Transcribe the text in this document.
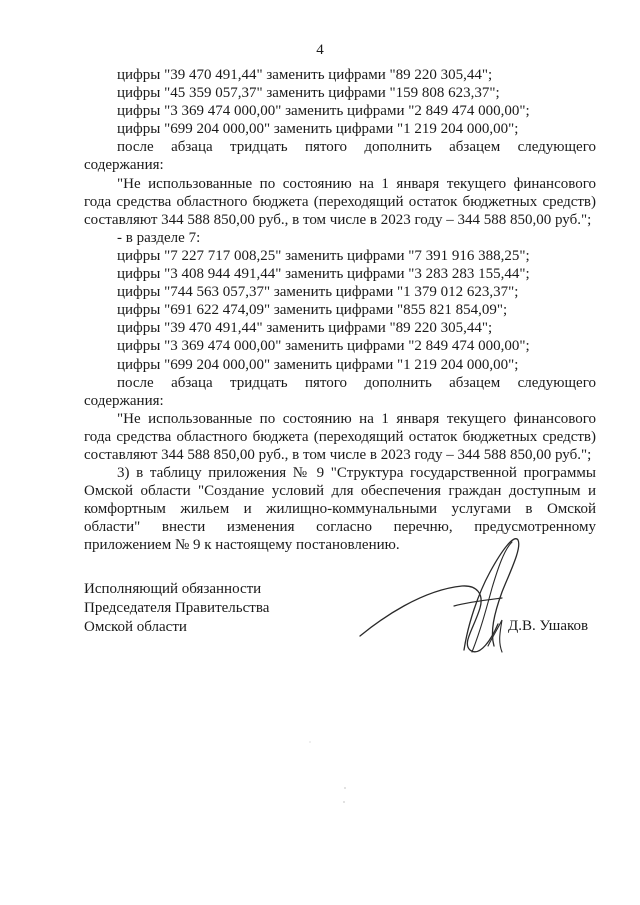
4
цифры "39 470 491,44" заменить цифрами "89 220 305,44";
цифры "45 359 057,37" заменить цифрами "159 808 623,37";
цифры "3 369 474 000,00" заменить цифрами "2 849 474 000,00";
цифры "699 204 000,00" заменить цифрами "1 219 204 000,00";
после абзаца тридцать пятого дополнить абзацем следующего
содержания:
"Не использованные по состоянию на 1 января текущего финансового
года средства областного бюджета (переходящий остаток бюджетных средств)
составляют 344 588 850,00 руб., в том числе в 2023 году – 344 588 850,00 руб.";
- в разделе 7:
цифры "7 227 717 008,25" заменить цифрами "7 391 916 388,25";
цифры "3 408 944 491,44" заменить цифрами "3 283 283 155,44";
цифры "744 563 057,37" заменить цифрами "1 379 012 623,37";
цифры "691 622 474,09" заменить цифрами "855 821 854,09";
цифры "39 470 491,44" заменить цифрами "89 220 305,44";
цифры "3 369 474 000,00" заменить цифрами "2 849 474 000,00";
цифры "699 204 000,00" заменить цифрами "1 219 204 000,00";
после абзаца тридцать пятого дополнить абзацем следующего
содержания:
"Не использованные по состоянию на 1 января текущего финансового
года средства областного бюджета (переходящий остаток бюджетных средств)
составляют 344 588 850,00 руб., в том числе в 2023 году – 344 588 850,00 руб.";
3) в таблицу приложения № 9 "Структура государственной программы
Омской области "Создание условий для обеспечения граждан доступным и
комфортным жильем и жилищно-коммунальными услугами в Омской
области" внести изменения согласно перечню, предусмотренному
приложением № 9 к настоящему постановлению.
Исполняющий обязанности
Председателя Правительства
Омской области	Д.В. Ушаков
